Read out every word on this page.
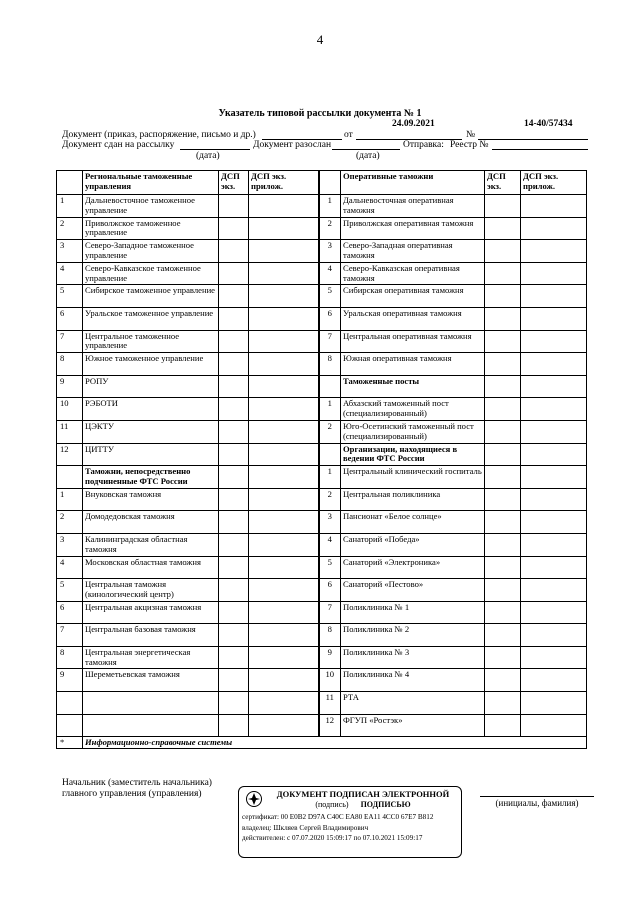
4
Указатель типовой рассылки документа № 1
24.09.2021	14-40/57434
Документ (приказ, распоряжение, письмо и др.)	от	№
Документ сдан на рассылку	Документ разослан	Отправка: Реестр №
(дата)	(дата)
	Региональные таможенные управления	ДСП экз.	ДСП экз. прилож.		Оперативные таможни	ДСП экз.	ДСП экз. прилож.
1	Дальневосточное таможенное управление			1	Дальневосточная оперативная таможня		
2	Приволжское таможенное управление			2	Приволжская оперативная таможня		
3	Северо-Западное таможенное управление			3	Северо-Западная оперативная таможня		
4	Северо-Кавказское таможенное управление			4	Северо-Кавказская оперативная таможня		
5	Сибирское таможенное управление			5	Сибирская оперативная таможня		
6	Уральское таможенное управление			6	Уральская оперативная таможня		
7	Центральное таможенное управление			7	Центральная оперативная таможня		
8	Южное таможенное управление			8	Южная оперативная таможня		
9	РОПУ				Таможенные посты		
10	РЭБОТИ			1	Абхазский таможенный пост (специализированный)		
11	ЦЭКТУ			2	Юго-Осетинский таможенный пост (специализированный)		
12	ЦИТТУ				Организации, находящиеся в ведении ФТС России		
	Таможни, непосредственно подчиненные ФТС России			1	Центральный клинический госпиталь		
1	Внуковская таможня			2	Центральная поликлиника		
2	Домодедовская таможня			3	Пансионат «Белое солнце»		
3	Калининградская областная таможня			4	Санаторий «Победа»		
4	Московская областная таможня			5	Санаторий «Электроника»		
5	Центральная таможня (кинологический центр)			6	Санаторий «Пестово»		
6	Центральная акцизная таможня			7	Поликлиника № 1		
7	Центральная базовая таможня			8	Поликлиника № 2		
8	Центральная энергетическая таможня			9	Поликлиника № 3		
9	Шереметьевская таможня			10	Поликлиника № 4		
				11	РТА		
				12	ФГУП «Ростэк»		
*	Информационно-справочные системы						
Начальник (заместитель начальника)
главного управления (управления)	ДОКУМЕНТ ПОДПИСАН ЭЛЕКТРОННОЙ
(подпись) ПОДПИСЬЮ
сертификат: 00 E0B2 D97A C40C EA80 EA11 4CC0 67E7 B812
владелец: Шкляев Сергей Владимирович
действителен: с 07.07.2020 15:09:17 по 07.10.2021 15:09:17
(инициалы, фамилия)
